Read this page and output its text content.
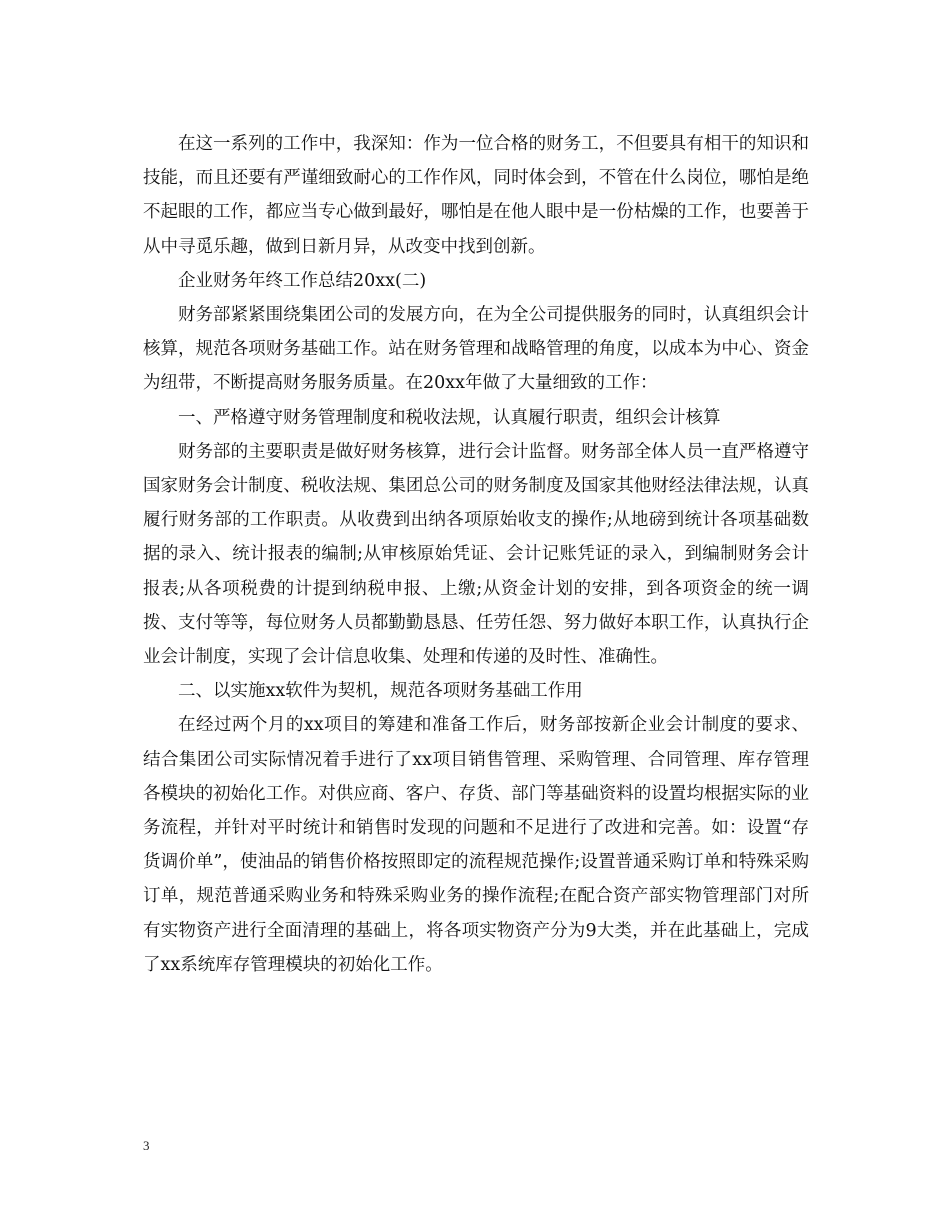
在这一系列的工作中，我深知：作为一位合格的财务工，不但要具有相干的知识和技能，而且还要有严谨细致耐心的工作作风，同时体会到，不管在什么岗位，哪怕是绝不起眼的工作，都应当专心做到最好，哪怕是在他人眼中是一份枯燥的工作，也要善于从中寻觅乐趣，做到日新月异，从改变中找到创新。

企业财务年终工作总结20xx(二)

财务部紧紧围绕集团公司的发展方向，在为全公司提供服务的同时，认真组织会计核算，规范各项财务基础工作。站在财务管理和战略管理的角度，以成本为中心、资金为纽带，不断提高财务服务质量。在20xx年做了大量细致的工作：

一、严格遵守财务管理制度和税收法规，认真履行职责，组织会计核算

财务部的主要职责是做好财务核算，进行会计监督。财务部全体人员一直严格遵守国家财务会计制度、税收法规、集团总公司的财务制度及国家其他财经法律法规，认真履行财务部的工作职责。从收费到出纳各项原始收支的操作;从地磅到统计各项基础数据的录入、统计报表的编制;从审核原始凭证、会计记账凭证的录入，到编制财务会计报表;从各项税费的计提到纳税申报、上缴;从资金计划的安排，到各项资金的统一调拨、支付等等，每位财务人员都勤勤恳恳、任劳任怨、努力做好本职工作，认真执行企业会计制度，实现了会计信息收集、处理和传递的及时性、准确性。

二、以实施xx软件为契机，规范各项财务基础工作用

在经过两个月的xx项目的筹建和准备工作后，财务部按新企业会计制度的要求、结合集团公司实际情况着手进行了xx项目销售管理、采购管理、合同管理、库存管理各模块的初始化工作。对供应商、客户、存货、部门等基础资料的设置均根据实际的业务流程，并针对平时统计和销售时发现的问题和不足进行了改进和完善。如：设置“存货调价单”，使油品的销售价格按照即定的流程规范操作;设置普通采购订单和特殊采购订单，规范普通采购业务和特殊采购业务的操作流程;在配合资产部实物管理部门对所有实物资产进行全面清理的基础上，将各项实物资产分为9大类，并在此基础上，完成了xx系统库存管理模块的初始化工作。

3
